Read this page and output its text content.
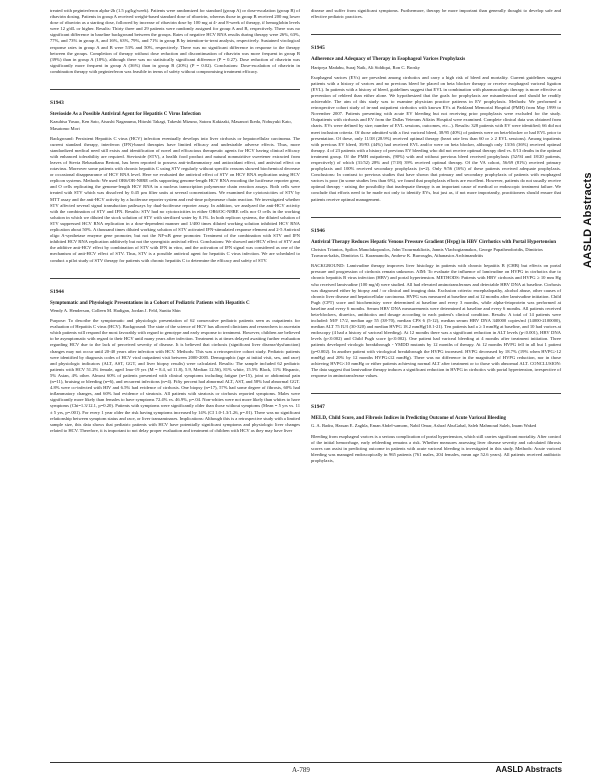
treated with peginterferon alpha-2b (1.5 µg/kg/week). Patients were randomized for standard (group A) or dose-escalation (group B) of ribavirin dosing. Patients in group A received weight-based standard dose of ribavirin, whereas those in group B received 200 mg lower dose of ribavirin as a starting dose, followed by increase of ribavirin dose by 100 mg at 4- and 8-week of therapy, if hemoglobin levels were 12 g/dL or higher. Results: Thirty three and 29 patients were randomly assigned for group A and B, respectively. There was no significant difference in baseline background between the groups. Rates of negative HCV RNA results during therapy were 26%, 63%, 77%, and 73% in group A, and 16%, 63%, 79%, and 71% in group B by intention-to-treat analysis, respectively. Sustained virological response rates in group A and B were 53% and 50%, respectively. There was no significant difference in response to the therapy between the groups. Completion of therapy without dose reduction and discontinuation of ribavirin was more frequent in group B (39%) than in group A (18%), although there was no statistically significant difference (P = 0.27). Dose reduction of ribavirin was significantly more frequent in group A (36%) than in group B (20%) (P = 0.02). Conclusions: Dose-escalation of ribavirin in combination therapy with peginterferon was feasible in terms of safety without compromising treatment efficacy.

S1943
Stevioside As a Possible Antiviral Agent for Hepatitis C Virus Infection
Kazuhisa Yasuo, Ken Sato, Atsushi Naganuma, Hitoshi Takagi, Takeshi Mizuno, Satoru Kakizaki, Masanori Ikeda, Nobuyuki Kato, Masatomo Mori

Background: Persistent Hepatitis C virus (HCV) infection eventually develops into liver cirrhosis or hepatocellular carcinoma. The current standard therapy, interferon (IFN)-based therapies have limited efficacy and undesirable adverse effects. Thus, more standardized medical need still exists and identification of novel and efficacious therapeutic agents for HCV having clinical efficacy with enhanced tolerability are required. Stevioside (STV), a health food product and natural nonnutritive sweetener extracted from leaves of Stevia Rebaudiana Bertoni, has been reported to possess anti-inflammatory and antioxidant effect, and antiviral effect on rotavirus. Moreover some patients with chronic hepatitis C using STV regularly without specific reasons showed biochemical decrease or occasional disappearance of HCV RNA level. Here we evaluated the antiviral effect of STV on HCV RNA replication using HCV replicon systems. Methods: We used OR6/OR-N8RE cells supporting genome-length HCV RNA encoding the luciferase reporter gene, and O cells replicating the genome-length HCV RNA in a nucleus transcription polymerase chain reaction assays. Both cells were treated with STV which was dissolved by 0.45 µm filter units at several concentrations. We examined the cytotoxicities of STV by MTT assay and the anti-HCV activity by a luciferase reporter system and real-time polymerase chain reaction. We investigated whether STV affected several signal transduction pathways by dual-luciferase reporter assay. In addition, we analyzed the anti-HCV activity with the combination of STV and IFN. Results: STV had no cytotoxicities in either OR6/OC-N8RE cells nor O cells in the working solution in which we diluted the stock solution of STV with sterilized water by 0.1%. In both replicon systems, the diluted solution of STV suppressed HCV RNA replication in a dose-dependent manner and 1/400 times diluted working solution inhibited HCV RNA replication about 50%. A thousand times diluted working solution of STV activated IFN-stimulated response element and 2-5 Antiviral oligo A-synthetase enzyme gene promoter, but not the NF-κB gene promoter. Treatment of the combination with STV and IFN inhibited HCV RNA replication additively but not the synergistic antiviral effect. Conclusions: We showed anti-HCV effect of STV and the additive anti-HCV effect by combination of STV with IFN in vitro, and the activation of IFN signal was considered as one of the mechanism of anti-HCV effect of STV. Thus, STV is a possible antiviral agent for hepatitis C virus infection. We are scheduled to conduct a pilot study of STV therapy for patients with chronic hepatitis C to determine the efficacy and safety of STV.

S1944
Symptomatic and Physiologic Presentations in a Cohort of Pediatric Patients with Hepatitis C
Wendy A. Henderson, Colleen M. Hadigan, Jordan J. Feld, Sunita Shin

Purpose: To describe the symptomatic and physiologic presentation of 62 consecutive pediatric patients seen as outpatients for evaluation of Hepatitis C virus (HCV). Background: The state of the science of HCV has allowed clinicians and researchers to ascertain which patients will respond the most favorably with regard to genotype and early response to treatment. However, children are believed to be asymptomatic with regard to their HCV until many years after infection. Treatment is at times delayed awaiting further evaluation regarding HCV due to the lack of perceived severity of disease. It is believed that cirrhosis (significant liver disease/dysfunction) changes may not occur until 20-40 years after infection with HCV. Methods: This was a retrospective cohort study. Pediatric patients were identified by diagnosis codes of HCV viral outpatient visit between 2000-2005. Demographic (age at initial visit, sex, and race) and physiologic indicators (ALT, AST, GGT, and liver biopsy results) were calculated. Results: The sample included 62 pediatric patients with HCV 51.2% female, aged 1mo-19 yrs (M = 8.4, sd 11.8), 5.9, Median 12.56), 81% white, 15.5% Black, 11% Hispanic, 5% Asian, 4% other. Almost 60% of patients presented with clinical symptoms including fatigue (n=15), joint or abdominal pain (n=11), bruising or bleeding (n=6), and recurrent infections (n=4). Fifty percent had abnormal ALT, AST, and 58% had abnormal GGT. 4.8% were co-infected with HIV and 6.5% had evidence of cirrhosis. One biopsy (n=17), 57% had some degree of fibrosis, 60% had inflammatory changes, and 60% had evidence of steatosis. All patients with steatosis or cirrhosis reported symptoms. Males were significantly more likely than females to have symptoms 72.4% vs. 46.9%, p=.04. Non-whites were not more likely than whites to have symptoms (Chi=1.3/12.1, p=0.20). Patients with symptoms were significantly older than those without symptoms (Mean = 5 yrs vs. 11 ± 5 yrs, p=.001). For every 1 year older the risk having symptoms increased by 14% (CI 1.0-1.3/1.26, p=.01). There was no significant relationship between symptom status and race, or liver transaminases. Implications: Although this is a retrospective study with a limited sample size, this data shows that pediatric patients with HCV have potentially significant symptoms and physiologic liver changes related to HCV. Therefore, it is important to not delay proper evaluation and treatment of children with HCV as they may have liver

disease and suffer from significant symptoms. Furthermore, therapy be more important than generally thought to develop safe and effective pediatric practices.

S1945
Adherence and Adequacy of Therapy in Esophageal Varices Prophylaxis
Hariprya Madabu, Suraj Naik, Ali Siddiqui, Ron C. Brosky

Esophageal varices (EVs) are prevalent among cirrhotics and carry a high risk of bleed and mortality. Current guidelines suggest patients with a history of varices and no previous bleed be placed on beta blocker therapy or receive esophageal variceal ligation (EVL). In patients with a history of bleed, guidelines suggest that EVL in combination with pharmacologic therapy is more effective at prevention of rebleed than either alone. We hypothesized that the goals for prophylaxis are misunderstood and should be readily achievable. The aim of this study was to examine physician practice patterns in EV prophylaxis. Methods: We performed a retrospective cohort study of in-and outpatient cirrhotics with known EVs at Parkland Memorial Hospital (PMH) from May 1999 to November 2007. Patients presenting with acute EV bleeding but not receiving prior prophylaxis were excluded for the study. Outpatients with cirrhosis and EV from the Dallas Veterans Affairs Hospital were examined. Complete clinical data was obtained from charts. EVs were defined by size; number of EVL sessions, outcomes, etc...). Results: 328 patients with EV were identified; 66 did not meet inclusion criteria. Of those admitted with a first variceal bleed, 38/95 (40%) of patients were on beta-blocker or had EVL prior to presentation. Of these, only 11/38 (28.9%) received optimal therapy (heart rate less than 60 or ≥ 2 EVL sessions). Among inpatients with previous EV bleed, 39/93 (44%) had received EVL and/or were on beta blocker, although only 13/36 (36%) received optimal therapy. 4 of 23 patients with a history of previous EV bleeding who did not receive optimal therapy died vs. 0/13 deaths in the optimal treatment group. Of the PMH outpatients, (90%) with and without previous bleed received prophylaxis (52/94 and 18/20 patients, respectively) of which (31/52) 28% and (7/18) 39% received optimal therapy. Of the VA cohort, 56/69 (81%) received primary prophylaxis and 100% received secondary prophylaxis (n=2). Only 9/56 (16%) of these patients received adequate prophylaxis. Conclusions: In contrast to previous studies that have shown that primary and secondary prophylaxis of patients with esophageal varices is poor (in some studies less than 6%), we found that prophylaxis efforts are excellent. However, patients do not usually receive optimal therapy - raising the possibility that inadequate therapy is an important cause of medical or endoscopic treatment failure. We conclude that efforts need to be made not only to identify EVs, but just as, if not more importantly, practitioners should ensure that patients receive optimal management.

S1946
Antiviral Therapy Reduces Hepatic Venous Pressure Gradient (Hvpg) in HBV Cirrhotics with Portal Hypertension
Christos Triantos, Spilios Manolakopoulos, John Tzourmakliotis, Jannis Vlachogiannakos, George Papatheodoridis, Dimitrios Tzavaras-kakis, Dimitrios G. Karamanolis, Andrew K. Burroughs, Athanasios Archimandritis

BACKGROUND: Lamivudine therapy improves liver histology in patients with chronic hepatitis B (CHB) but effects on portal pressure and progression of cirrhosis remain unknown. AIM: To evaluate the influence of lamivudine on HVPG in cirrhotics due to chronic hepatitis B virus infection (HBV) and portal hypertension. METHODS: Patients with HBV cirrhosis and HVPG ≥ 10 mm Hg who received lamivudine (100 mg/d) were studied. All had elevated aminotransferases and detectable HBV DNA at baseline. Cirrhosis was diagnosed either by biopsy and / or clinical and imaging data. Exclusion criteria: encephalopathy, alcohol abuse, other causes of chronic liver disease and hepatocellular carcinoma. HVPG was measured at baseline and at 12 months after lamivudine initiation. Child Pugh (CPT) score and biochemistry were determined at baseline and every 3 months, while alpha-fetoprotein was performed at baseline and every 6 months. Serum HBV DNA measurements were determined at baseline and every 6 months. All patients received beta-blockers, diuretics, antibiotics and dosage according to each patient's clinical condition. Results: A total of 14 patients were included: M/F 17/2, median age 55 (38-70), median CPS 6 (5-12), median serum HBV DNA 340000 copies/ml (14000-2100000), median ALT 75 IU/l (30-320) and median HVPG 18.2 mmHg(10.1-21). Ten patients had a ≥ 3 mmHg at baseline, and 10 had varices at endoscopy (4 had a history of variceal bleeding). At 12 months there was a significant reduction in ALT levels (p<0.001), HBV DNA levels (p<0.002) and Child Pugh score (p<0.002). One patient had variceal bleeding at 4 months after treatment initiation. Three patients developed virologic breakthrough - YMDD mutants by 12 months of therapy. At 12 months HVPG fell in all but 1 patient (p=0.002). In another patient with virological breakthrough the HVPG increased. HVPG decreased by 18.7% (19% when HVPG>12 mmHg) and 20% by 12 months HVPG≤12 mmHg). There was no difference in the magnitude of HVPG reduction, nor in those achieving HVPG<10 mmHg or either patients achieving normal ALT after treatment or to those with abnormal ALT. CONCLUSION: The data suggest that lamivudine therapy induces a significant reduction in HVPG in cirrhotics with portal hypertension, irrespective of response in aminotransferase values.

S1947
MELD, Child Score, and Fibrosis Indices in Predicting Outcome of Acute Variceal Bleeding
G. A. Badra, Hassan E. Zaghla, Eman Abdel-samom, Nabil Omar, Ashraf AbuGabal, Saleh Mahmoud Saleh, Imam Waked

Bleeding from esophageal varices is a serious complication of portal hypertension, which still carries significant mortality. After control of the initial hemorrhage, early rebleeding remains a risk. Whether measures assessing liver disease severity and calculated fibrosis scores can assist in predicting outcome in patients with acute variceal bleeding is investigated in this study. Methods: Acute variceal bleeding was managed endoscopically in 965 patients (761 males, 204 females, mean age 52.6 years). All patients received antibiotic prophylaxis,

AASLD Abstracts
A-789	AASLD Abstracts
